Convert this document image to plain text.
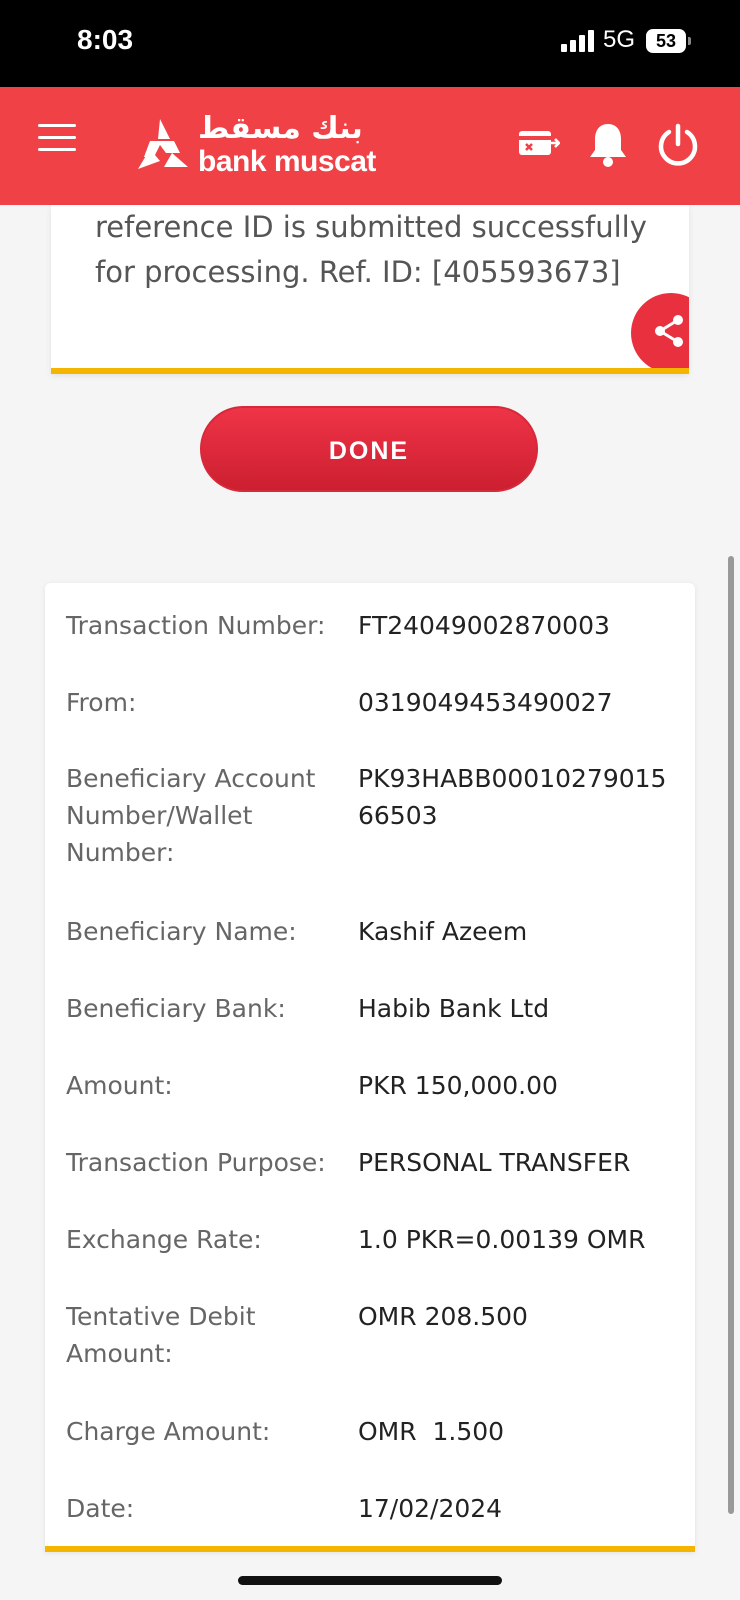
8:03	5G	53
بنك مسقط
bank muscat
reference ID is submitted successfully for processing. Ref. ID: [405593673]
DONE
Transaction Number:	FT24049002870003
From:	0319049453490027
Beneficiary Account Number/Wallet Number:
PK93HABB0001027901566503
Beneficiary Name:	Kashif Azeem
Beneficiary Bank:	Habib Bank Ltd
Amount:	PKR 150,000.00
Transaction Purpose:	PERSONAL TRANSFER
Exchange Rate:	1.0 PKR=0.00139 OMR
Tentative Debit Amount:
OMR 208.500
Charge Amount:	OMR  1.500
Date:	17/02/2024
